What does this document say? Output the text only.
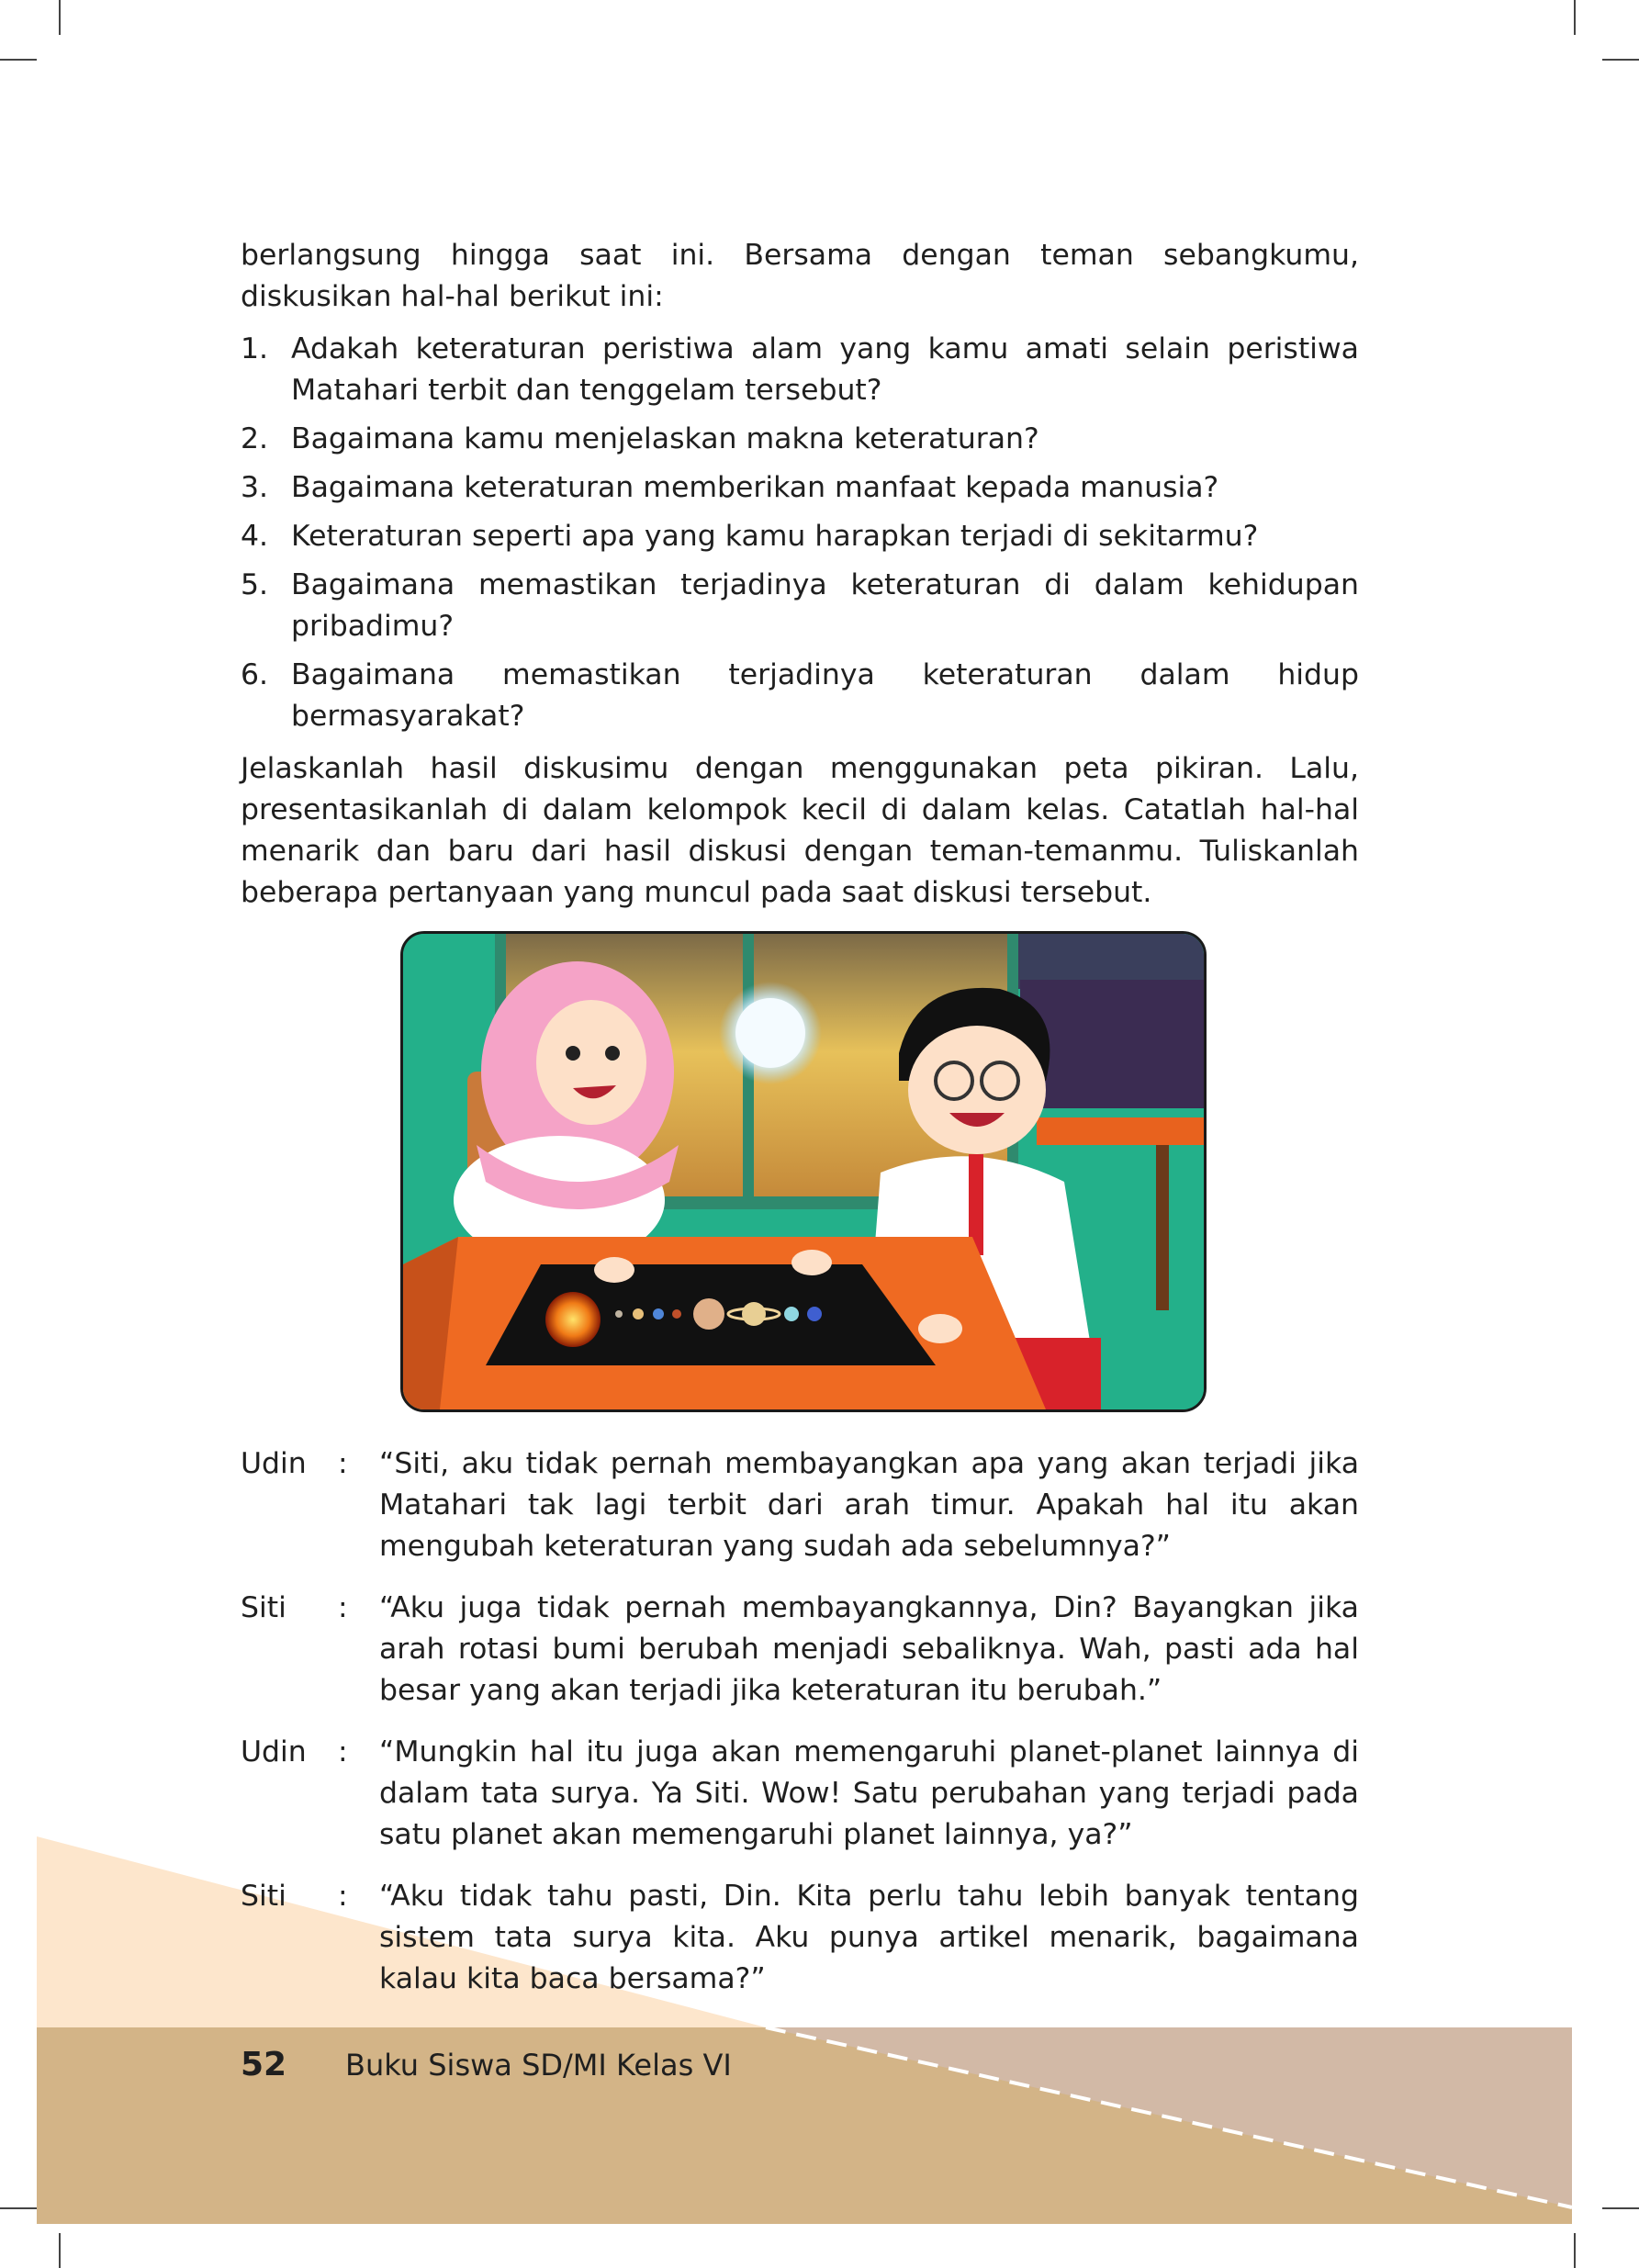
berlangsung hingga saat ini. Bersama dengan teman sebangkumu, diskusikan hal-hal berikut ini:

1. Adakah keteraturan peristiwa alam yang kamu amati selain peristiwa Matahari terbit dan tenggelam tersebut?
2. Bagaimana kamu menjelaskan makna keteraturan?
3. Bagaimana keteraturan memberikan manfaat kepada manusia?
4. Keteraturan seperti apa yang kamu harapkan terjadi di sekitarmu?
5. Bagaimana memastikan terjadinya keteraturan di dalam kehidupan pribadimu?
6. Bagaimana memastikan terjadinya keteraturan dalam hidup bermasyarakat?

Jelaskanlah hasil diskusimu dengan menggunakan peta pikiran. Lalu, presentasikanlah di dalam kelompok kecil di dalam kelas. Catatlah hal-hal menarik dan baru dari hasil diskusi dengan teman-temanmu. Tuliskanlah beberapa pertanyaan yang muncul pada saat diskusi tersebut.

Udin	:	“Siti, aku tidak pernah membayangkan apa yang akan terjadi jika Matahari tak lagi terbit dari arah timur. Apakah hal itu akan mengubah keteraturan yang sudah ada sebelumnya?”
Siti	:	“Aku juga tidak pernah membayangkannya, Din? Bayangkan jika arah rotasi bumi berubah menjadi sebaliknya. Wah, pasti ada hal besar yang akan terjadi jika keteraturan itu berubah.”
Udin	:	“Mungkin hal itu juga akan memengaruhi planet-planet lainnya di dalam tata surya. Ya Siti. Wow! Satu perubahan yang terjadi pada satu planet akan memengaruhi planet lainnya, ya?”
Siti	:	“Aku tidak tahu pasti, Din. Kita perlu tahu lebih banyak tentang sistem tata surya kita. Aku punya artikel menarik, bagaimana kalau kita baca bersama?”
52 Buku Siswa SD/MI Kelas VI
